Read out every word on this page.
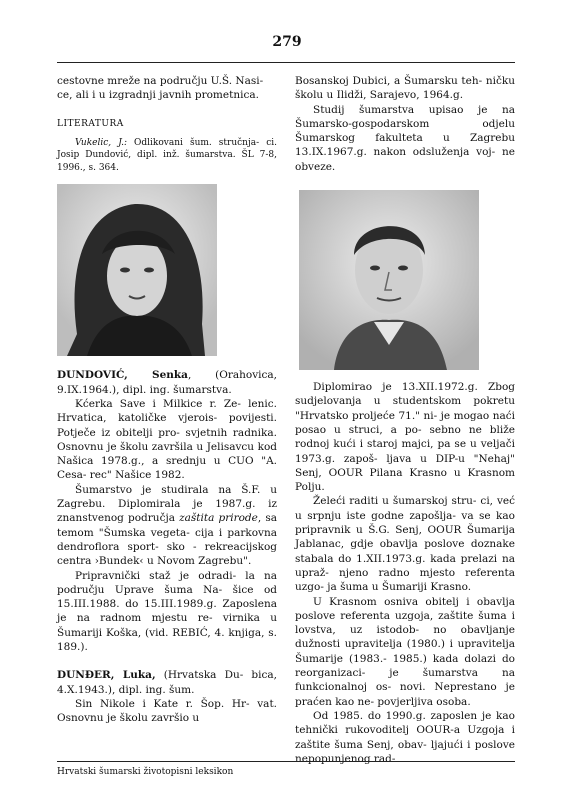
279

cestovne mreže na području U.Š. Nasi-
ce, ali i u izgradnji javnih prometnica.

LITERATURA

Vukelic, J.: Odlikovani šum. stručnja- ci. Josip Dundović, dipl. inž. šumarstva. ŠL 7-8, 1996., s. 364.

DUNDOVIĆ, Senka, (Orahovica, 9.IX.1964.), dipl. ing. šumarstva.

Kćerka Save i Milkice r. Ze- lenic. Hrvatica, katoličke vjerois- povijesti. Potječe iz obitelji pro- svjetnih radnika. Osnovnu je školu završila u Jelisavcu kod Našica 1978.g., a srednju u CUO "A. Cesa- rec" Našice 1982.

Šumarstvo je studirala na Š.F. u Zagrebu. Diplomirala je 1987.g. iz znanstvenog područja zaštita prirode, sa temom "Šumska vegeta- cija i parkovna dendroflora sport- sko - rekreacijskog centra ›Bundek‹ u Novom Zagrebu".

Pripravnički staž je odradi- la na području Uprave šuma Na- šice od 15.III.1988. do 15.III.1989.g. Zaposlena je na radnom mjestu re- virnika u Šumariji Koška, (vid. REBIĆ, 4. knjiga, s. 189.).

DUNĐER, Luka, (Hrvatska Du- bica, 4.X.1943.), dipl. ing. šum.

Sin Nikole i Kate r. Šop. Hr- vat. Osnovnu je školu završio u

Bosanskoj Dubici, a Šumarsku teh- ničku školu u Ilidži, Sarajevo, 1964.g.

Studij šumarstva upisao je na Šumarsko-gospodarskom odjelu Šumarskog fakulteta u Zagrebu 13.IX.1967.g. nakon odsluženja voj- ne obveze.

Diplomirao je 13.XII.1972.g. Zbog sudjelovanja u studentskom pokretu "Hrvatsko proljeće 71." ni- je mogao naći posao u struci, a po- sebno ne bliže rodnoj kući i staroj majci, pa se u veljači 1973.g. zapoš- ljava u DIP-u "Nehaj" Senj, OOUR Pilana Krasno u Krasnom Polju.

Želeći raditi u šumarskoj stru- ci, već u srpnju iste godne zapošlja- va se kao pripravnik u Š.G. Senj, OOUR Šumarija Jablanac, gdje obavlja poslove doznake stabala do 1.XII.1973.g. kada prelazi na upraž- njeno radno mjesto referenta uzgo- ja šuma u Šumariji Krasno.

U Krasnom osniva obitelj i obavlja poslove referenta uzgoja, zaštite šuma i lovstva, uz istodob- no obavljanje dužnosti upravitelja (1980.) i upravitelja Šumarije (1983.- 1985.) kada dolazi do reorganizaci- je šumarstva na funkcionalnoj os- novi. Neprestano je praćen kao ne- povjerljiva osoba.

Od 1985. do 1990.g. zaposlen je kao tehnički rukovoditelj OOUR-a Uzgoja i zaštite šuma Senj, obav- ljajući i poslove nepopunjenog rad-

Hrvatski šumarski životopisni leksikon
